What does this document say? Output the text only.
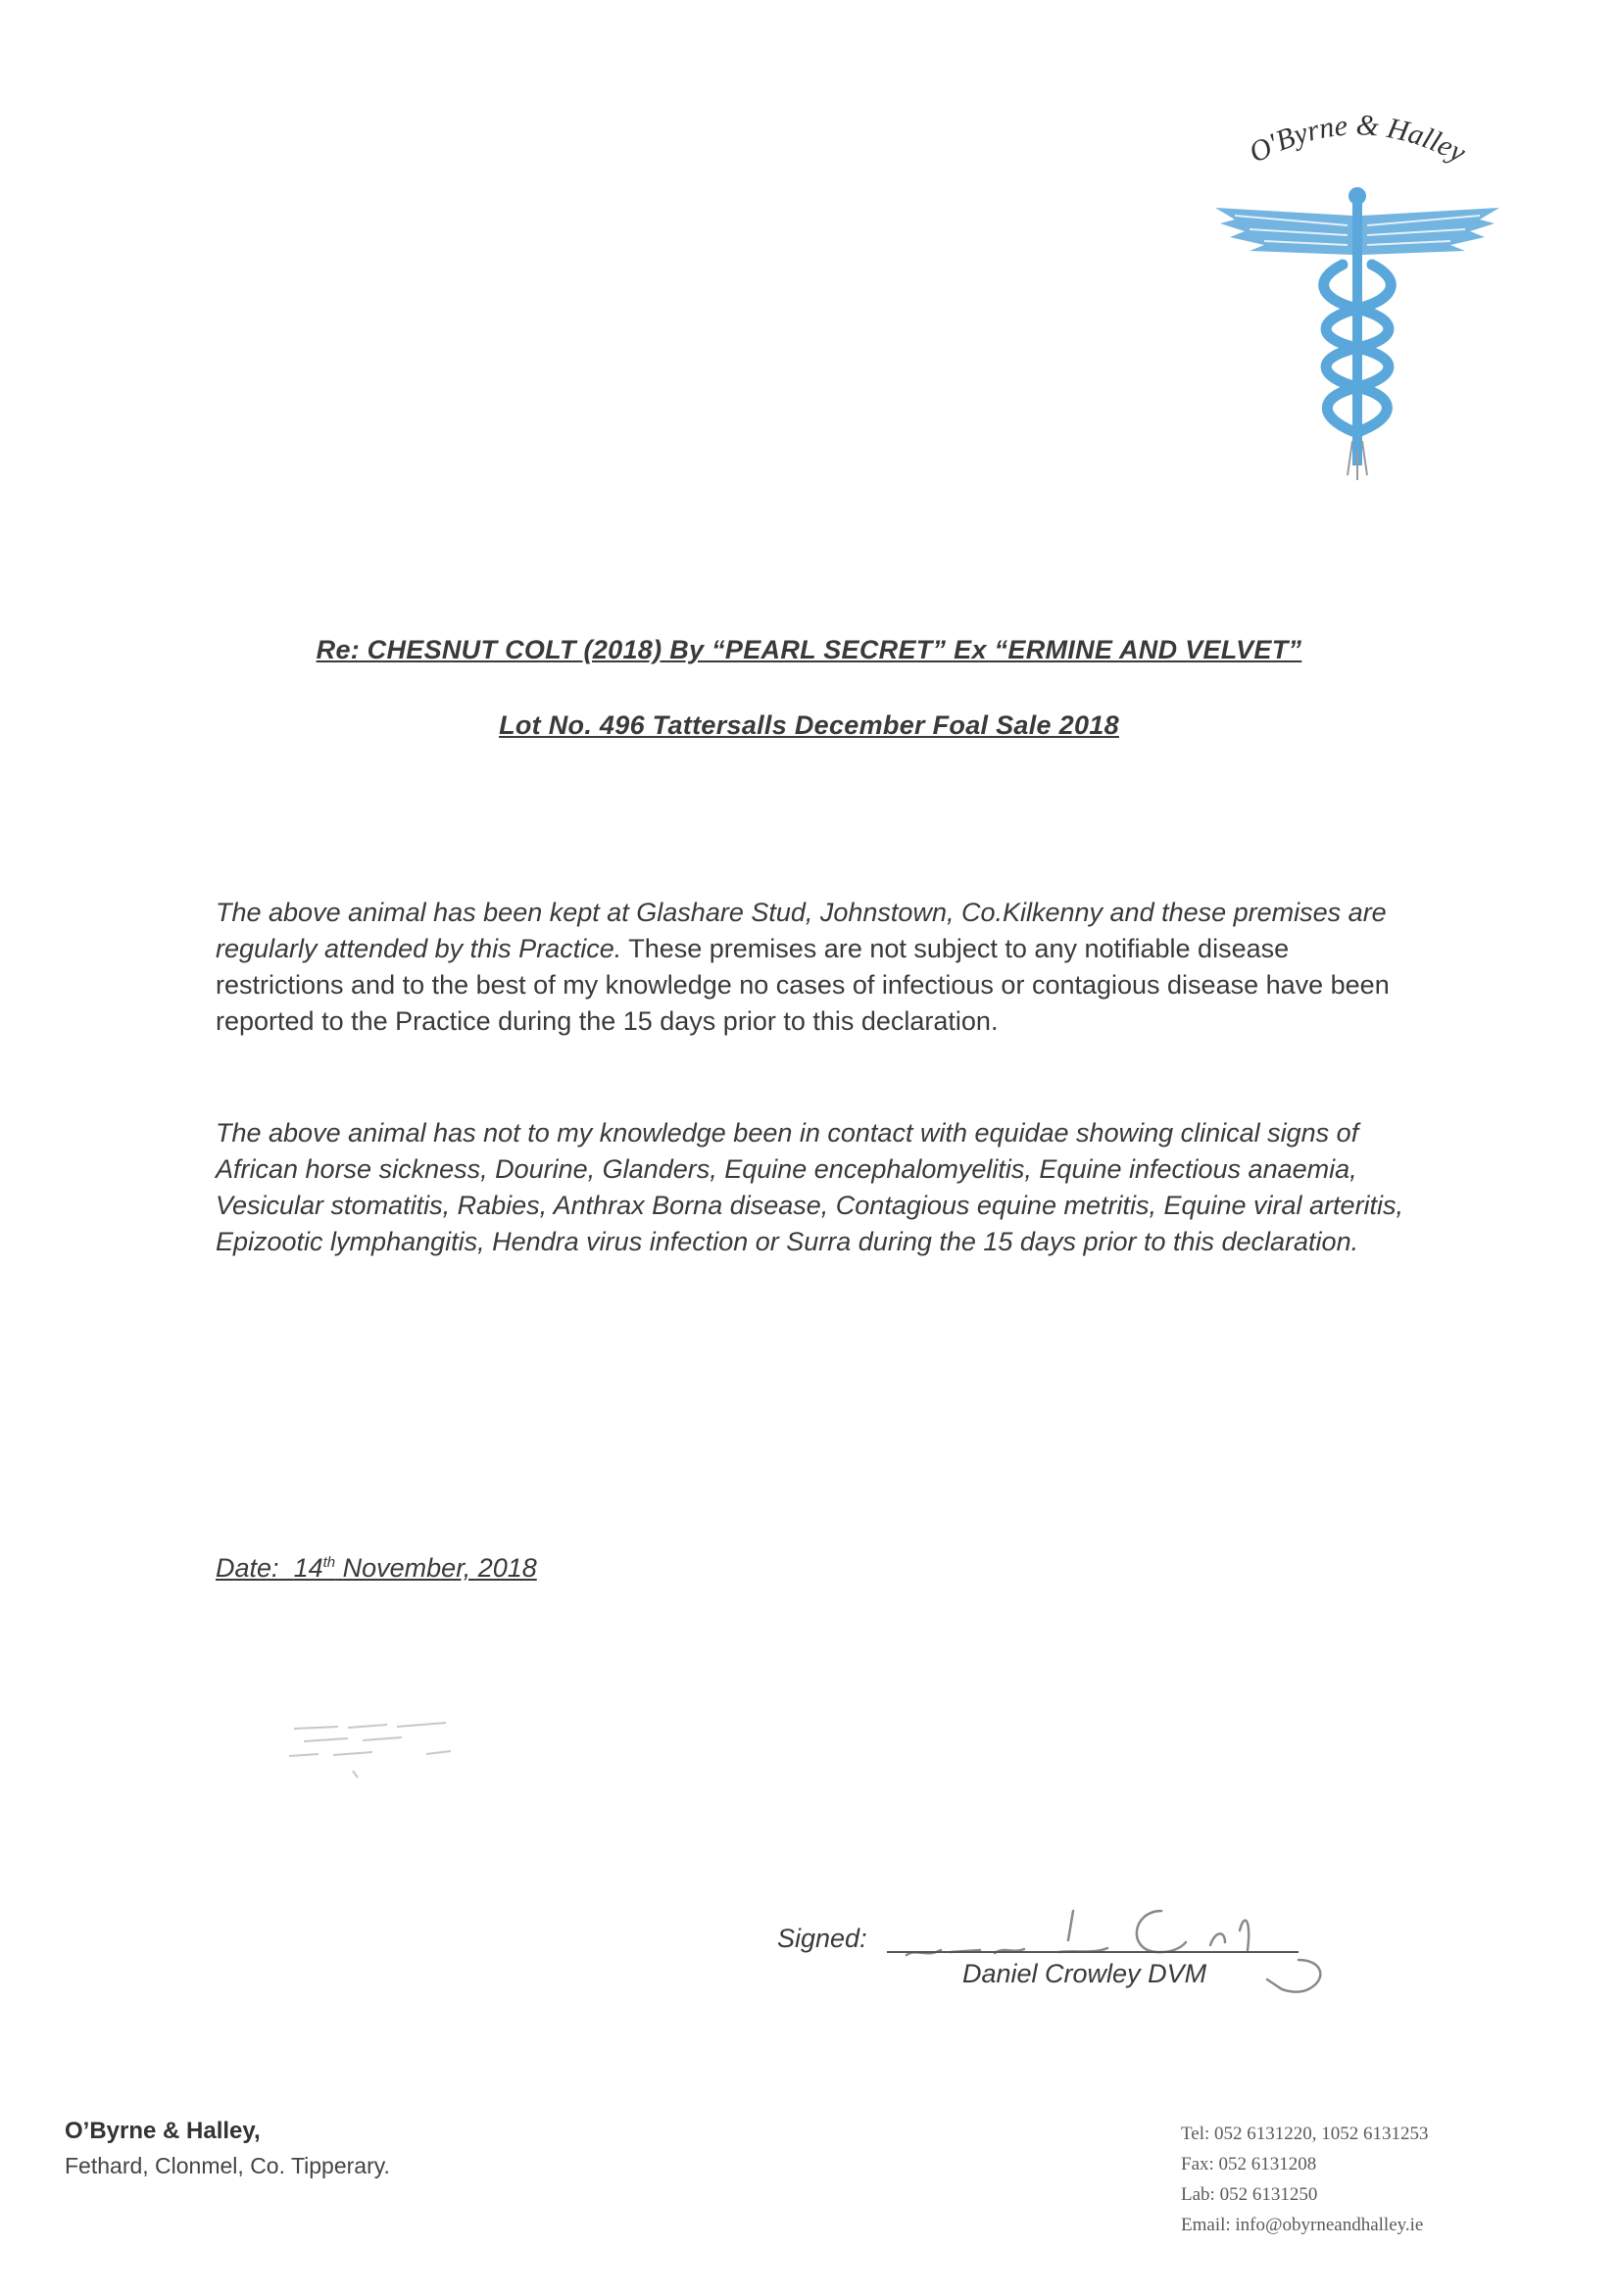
O'Byrne & Halley
Re: CHESNUT COLT (2018) By “PEARL SECRET” Ex “ERMINE AND VELVET”
Lot No. 496 Tattersalls December Foal Sale 2018
The above animal has been kept at Glashare Stud, Johnstown, Co.Kilkenny and these premises are regularly attended by this Practice. These premises are not subject to any notifiable disease restrictions and to the best of my knowledge no cases of infectious or contagious disease have been reported to the Practice during the 15 days prior to this declaration.
The above animal has not to my knowledge been in contact with equidae showing clinical signs of African horse sickness, Dourine, Glanders, Equine encephalomyelitis, Equine infectious anaemia, Vesicular stomatitis, Rabies, Anthrax Borna disease, Contagious equine metritis, Equine viral arteritis, Epizootic lymphangitis, Hendra virus infection or Surra during the 15 days prior to this declaration.
Date: 14th November, 2018
Signed:
Daniel Crowley DVM
O’Byrne & Halley,
Fethard, Clonmel, Co. Tipperary.
Tel: 052 6131220, 1052 6131253
Fax: 052 6131208
Lab: 052 6131250
Email: info@obyrneandhalley.ie
